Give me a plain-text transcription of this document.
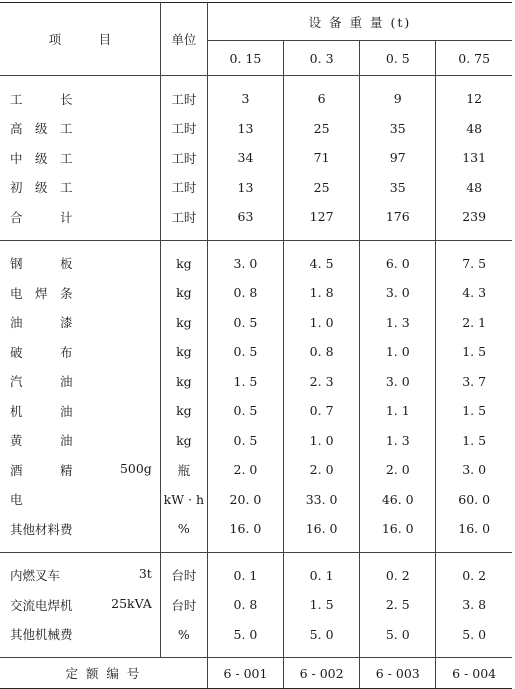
项　　　目	单位	设 备 重 量 (t)			
		0. 15	0. 3	0. 5	0. 75
工　　　长	工时	3	6	9	12
高　级　工	工时	13	25	35	48
中　级　工	工时	34	71	97	131
初　级　工	工时	13	25	35	48
合　　　计	工时	63	127	176	239
钢　　　板	kg	3. 0	4. 5	6. 0	7. 5
电　焊　条	kg	0. 8	1. 8	3. 0	4. 3
油　　　漆	kg	0. 5	1. 0	1. 3	2. 1
破　　　布	kg	0. 5	0. 8	1. 0	1. 5
汽　　　油	kg	1. 5	2. 3	3. 0	3. 7
机　　　油	kg	0. 5	0. 7	1. 1	1. 5
黄　　　油	kg	0. 5	1. 0	1. 3	1. 5
酒　　　精 500g	瓶	2. 0	2. 0	2. 0	3. 0
电	kW · h	20. 0	33. 0	46. 0	60. 0
其他材料费	%	16. 0	16. 0	16. 0	16. 0
内燃叉车 3t	台时	0. 1	0. 1	0. 2	0. 2
交流电焊机 25kVA	台时	0. 8	1. 5	2. 5	3. 8
其他机械费	%	5. 0	5. 0	5. 0	5. 0
定 额 编 号		6 - 001	6 - 002	6 - 003	6 - 004
